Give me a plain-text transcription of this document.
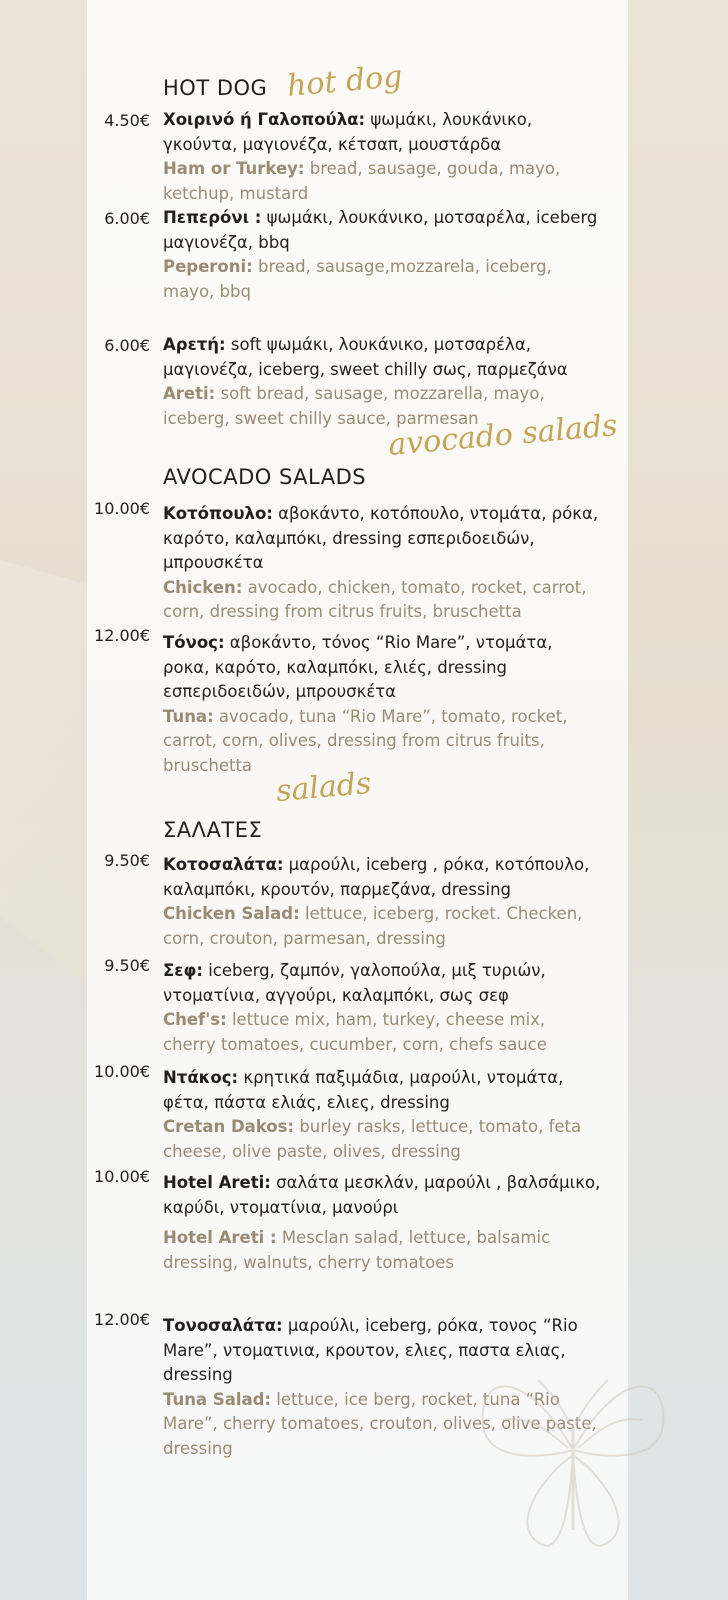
HOT DOG hot dog
4.50€ Χοιρινό ή Γαλοπούλα: ψωμάκι, λουκάνικο, γκούντα, μαγιονέζα, κέτσαπ, μουστάρδα
Ham or Turkey: bread, sausage, gouda, mayo, ketchup, mustard
6.00€ Πεπερόνι : ψωμάκι, λουκάνικο, μοτσαρέλα, iceberg μαγιονέζα, bbq
Peperoni: bread, sausage,mozzarela, iceberg, mayo, bbq
6.00€ Αρετή: soft ψωμάκι, λουκάνικο, μοτσαρέλα, μαγιονέζα, iceberg, sweet chilly σως, παρμεζάνα
Areti: soft bread, sausage, mozzarella, mayo, iceberg, sweet chilly sauce, parmesan
avocado salads
AVOCADO SALADS
10.00€ Κοτόπουλο: αβοκάντο, κοτόπουλο, ντομάτα, ρόκα, καρότο, καλαμπόκι, dressing εσπεριδοειδών, μπρουσκέτα
Chicken: avocado, chicken, tomato, rocket, carrot, corn, dressing from citrus fruits, bruschetta
12.00€ Τόνος: αβοκάντο, τόνος “Rio Mare”, ντομάτα, ροκα, καρότο, καλαμπόκι, ελιές, dressing εσπεριδοειδών, μπρουσκέτα
Tuna: avocado, tuna “Rio Mare”, tomato, rocket, carrot, corn, olives, dressing from citrus fruits, bruschetta
salads
ΣΑΛΑΤΕΣ
9.50€ Κοτοσαλάτα: μαρούλι, iceberg , ρόκα, κοτόπουλο, καλαμπόκι, κρουτόν, παρμεζάνα, dressing
Chicken Salad: lettuce, iceberg, rocket. Checken, corn, crouton, parmesan, dressing
9.50€ Σεφ: iceberg, ζαμπόν, γαλοπούλα, μιξ τυριών, ντοματίνια, αγγούρι, καλαμπόκι, σως σεφ
Chef's: lettuce mix, ham, turkey, cheese mix, cherry tomatoes, cucumber, corn, chefs sauce
10.00€ Ντάκος: κρητικά παξιμάδια, μαρούλι, ντομάτα, φέτα, πάστα ελιάς, ελιες, dressing
Cretan Dakos: burley rasks, lettuce, tomato, feta cheese, olive paste, olives, dressing
10.00€ Hotel Areti: σαλάτα μεσκλάν, μαρούλι , βαλσάμικο, καρύδι, ντοματίνια, μανούρι
Hotel Areti : Mesclan salad, lettuce, balsamic dressing, walnuts, cherry tomatoes
12.00€ Τονοσαλάτα: μαρούλι, iceberg, ρόκα, τονος “Rio Mare”, ντοματινια, κρουτον, ελιες, παστα ελιας, dressing
Tuna Salad: lettuce, ice berg, rocket, tuna “Rio Mare”, cherry tomatoes, crouton, olives, olive paste, dressing
